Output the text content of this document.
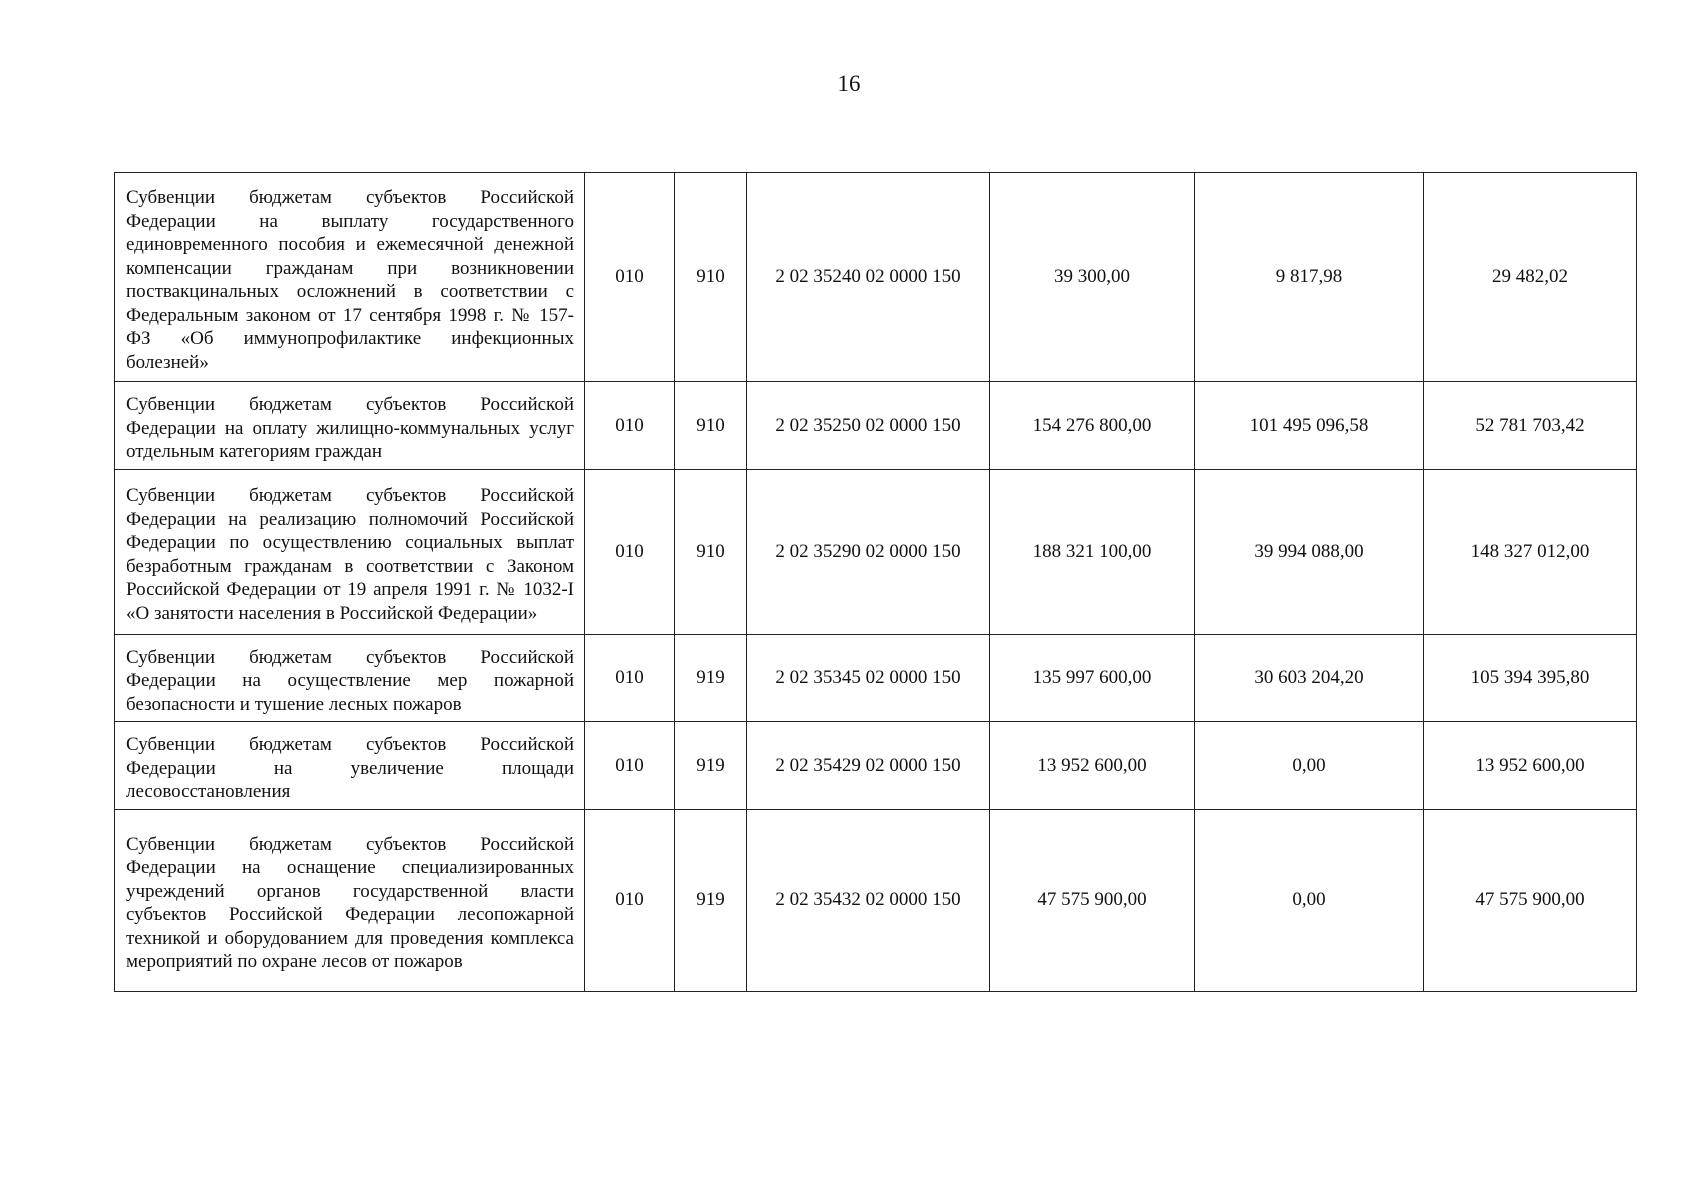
16
Субвенции бюджетам субъектов Российской Федерации на выплату государственного единовременного пособия и ежемесячной денежной компенсации гражданам при возникновении поствакцинальных осложнений в соответствии с Федеральным законом от 17 сентября 1998 г. № 157-ФЗ «Об иммунопрофилактике инфекционных болезней»	010	910	2 02 35240 02 0000 150	39 300,00	9 817,98	29 482,02
Субвенции бюджетам субъектов Российской Федерации на оплату жилищно-коммунальных услуг отдельным категориям граждан	010	910	2 02 35250 02 0000 150	154 276 800,00	101 495 096,58	52 781 703,42
Субвенции бюджетам субъектов Российской Федерации на реализацию полномочий Российской Федерации по осуществлению социальных выплат безработным гражданам в соответствии с Законом Российской Федерации от 19 апреля 1991 г. № 1032-I «О занятости населения в Российской Федерации»	010	910	2 02 35290 02 0000 150	188 321 100,00	39 994 088,00	148 327 012,00
Субвенции бюджетам субъектов Российской Федерации на осуществление мер пожарной безопасности и тушение лесных пожаров	010	919	2 02 35345 02 0000 150	135 997 600,00	30 603 204,20	105 394 395,80
Субвенции бюджетам субъектов Российской Федерации на увеличение площади лесовосстановления	010	919	2 02 35429 02 0000 150	13 952 600,00	0,00	13 952 600,00
Субвенции бюджетам субъектов Российской Федерации на оснащение специализированных учреждений органов государственной власти субъектов Российской Федерации лесопожарной техникой и оборудованием для проведения комплекса мероприятий по охране лесов от пожаров	010	919	2 02 35432 02 0000 150	47 575 900,00	0,00	47 575 900,00
